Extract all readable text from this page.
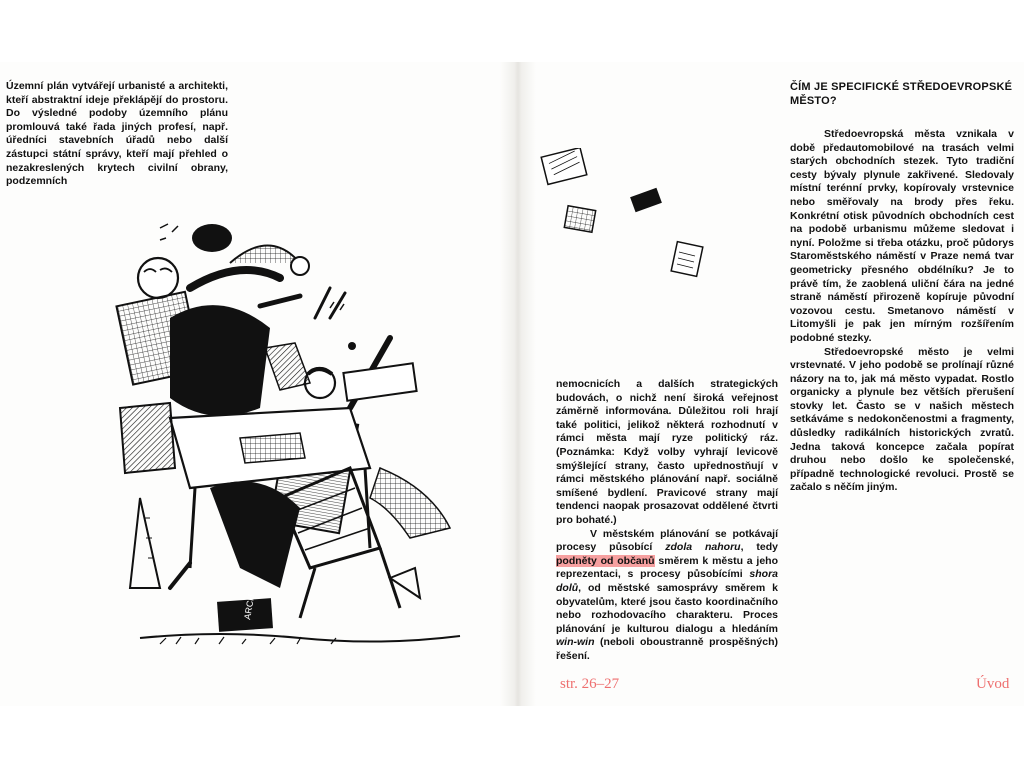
Územní plán vytvářejí urbanisté a architekti, kteří abstraktní ideje překlápějí do prostoru. Do výsledné podoby územního plánu promlouvá také řada jiných profesí, např. úředníci stavebních úřadů nebo další zástupci státní správy, kteří mají přehled o nezakreslených krytech civilní obrany, podzemních

ARCH

nemocnicích a dalších strategických budovách, o nichž není široká veřejnost záměrně informována. Důležitou roli hrají také politici, jelikož některá rozhodnutí v rámci města mají ryze politický ráz. (Poznámka: Když volby vyhrají levicově smýšlející strany, často upřednostňují v rámci městského plánování např. sociálně smíšené bydlení. Pravicové strany mají tendenci naopak prosazovat oddělené čtvrti pro bohaté.)

V městském plánování se potkávají procesy působící zdola nahoru, tedy podněty od občanů směrem k městu a jeho reprezentaci, s procesy působícími shora dolů, od městské samosprávy směrem k obyvatelům, které jsou často koordinačního nebo rozhodovacího charakteru. Proces plánování je kulturou dialogu a hledáním win-win (neboli oboustranně prospěšných) řešení.

ČÍM JE SPECIFICKÉ STŘEDOEVROPSKÉ MĚSTO?

Středoevropská města vznikala v době předautomobilové na trasách velmi starých obchodních stezek. Tyto tradiční cesty bývaly plynule zakřivené. Sledovaly místní terénní prvky, kopírovaly vrstevnice nebo směřovaly na brody přes řeku. Konkrétní otisk původních obchodních cest na podobě urbanismu můžeme sledovat i nyní. Položme si třeba otázku, proč půdorys Staroměstského náměstí v Praze nemá tvar geometricky přesného obdélníku? Je to právě tím, že zaoblená uliční čára na jedné straně náměstí přirozeně kopíruje původní vozovou cestu. Smetanovo náměstí v Litomyšli je pak jen mírným rozšířením podobné stezky.

Středoevropské město je velmi vrstevnaté. V jeho podobě se prolínají různé názory na to, jak má město vypadat. Rostlo organicky a plynule bez větších přerušení stovky let. Často se v našich městech setkáváme s nedokončenostmi a fragmenty, důsledky radikálních historických zvratů. Jedna taková koncepce začala popírat druhou nebo došlo ke společenské, případně technologické revoluci. Prostě se začalo s něčím jiným.

str. 26–27	Úvod
